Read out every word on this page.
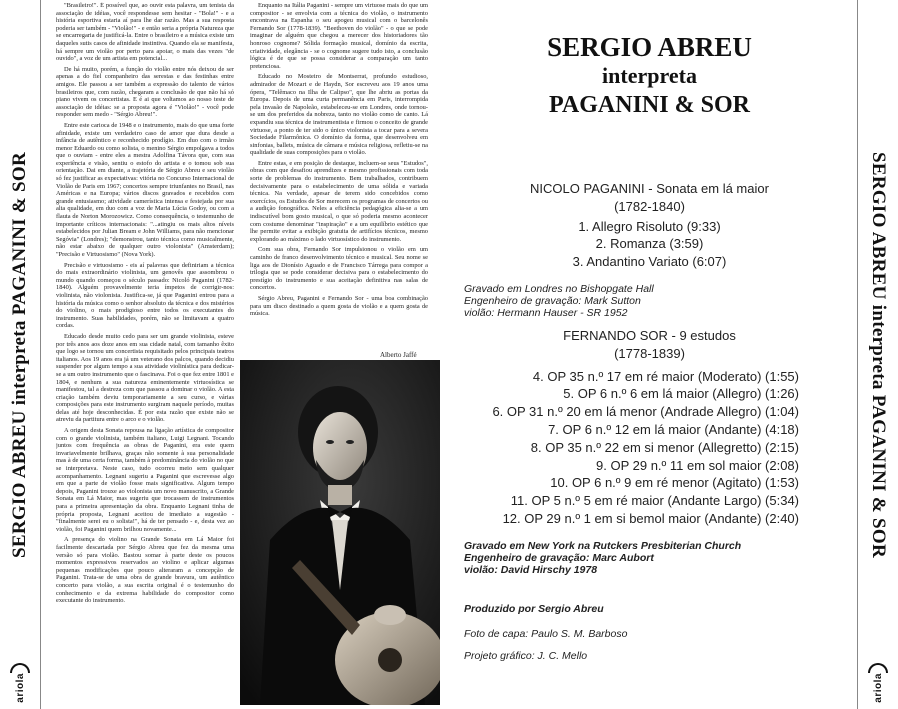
SERGIO ABREU interpreta PAGANINI & SOR
ariola

"Brasileiro!". É possível que, ao ouvir esta palavra, um tenista da associação de idéias, você respondesse sem hesitar - "Bola!" - e a história esportiva estaria aí para lhe dar razão. Mas a sua resposta poderia ser também - "Violão!" - e então seria a própria Natureza que se encarregaria de justificá-la. Entre o brasileiro e a música existe um daqueles sutis casos de afinidade instintiva. Quando ela se manifesta, há sempre um violão por perto para apoiar, o mais das vezes "de ouvido", a voz de um artista em potencial...

De há muito, porém, a função do violão entre nós deixou de ser apenas a do fiel companheiro das serestas e das festinhas entre amigos. Ele passou a ser também a expressão do talento de vários brasileiros que, com razão, chegaram a conclusão de que não há só piano vivem os concertistas. E é ai que voltamos ao nosso teste de associação de idéias: se a proposta agora é "Violão!" - você pode responder sem medo - "Sérgio Abreu!".

Entre este carioca de 1948 e o instrumento, mais do que uma forte afinidade, existe um verdadeiro caso de amor que dura desde a infância de autêntico e reconhecido prodígio. Em duo com o irmão menor Eduardo ou como solista, o menino Sérgio empolgava a todos que o ouviam - entre eles a mestra Adolfina Távora que, com sua experiência e visão, sentiu o estofo do artista e o tomou sob sua orientação. Dai em diante, a trajetória de Sérgio Abreu e seu violão só fez justificar as expectativas: vitória no Concurso Internacional de Violão de Paris em 1967; concertos sempre triunfantes no Brasil, nas Américas e na Europa; vários discos gravados e recebidos com grande entusiasmo; atividade camerística intensa e festejada por sua alta qualidade, em duo com a voz de Maria Lúcia Godoy, ou com a flauta de Norton Morozowicz. Como consequência, o testemunho de importante críticos internacionais: "...atingiu os mais altos níveis estabelecidos por Julian Bream e John Williams, para não mencionar Segóvia" (Londres); "demonstrou, tanto técnica como musicalmente, não estar abaixo de qualquer outro violonista" (Amsterdam); "Precisão e Virtuosismo" (Nova York).

Precisão e virtuosismo - eis aí palavras que definiriam a técnica do mais extraordinário violinista, um genovês que assombrou o mundo quando começou o século passado: Nicoló Paganini (1782-1840). Alguém provavelmente teria ímpetos de corrigir-nos: violinista, não violonista. Justifica-se, já que Paganini entrou para a história da música como o senhor absoluto da técnica e dos mistérios do violino, o mais prodigioso entre todos os executantes do instrumento. Suas habilidades, porém, não se limitavam a quatro cordas.

Educado desde muito cedo para ser um grande violinista, esteve por três anos aos doze anos em sua cidade natal, com tamanho êxito que logo se tornou um concertista requisitado pelos principais teatros italianos. Aos 19 anos era já um veterano dos palcos, quando decidiu suspender por algum tempo a sua atividade violinística para dedicar-se a um outro instrumento que o fascinava. Foi o que fez entre 1801 e 1804, e nenhum a sua natureza eminentemente virtuosística se manifestou, tal a destreza com que passou a dominar o violão. A esta criação também deviu temporariamente a seu curso, e várias composições para este instrumento surgiram naquele período, muitas delas até hoje desconhecidas. É por esta razão que existe não se atreviu da partitura entre o arco e o violão.

A origem desta Sonata repousa na ligação artística de compositor com o grande violinista, também italiano, Luigi Legnani. Tocando juntos com frequência as obras de Paganini, era este quem invariavelmente brilhava, graças não somente à sua personalidade mas à de uma certa forma, também à predominância do violão no que se interpretava. Neste caso, tudo ocorreu meio sem qualquer acompanhamento. Legnani sugeriu a Paganini que escrevesse algo em que a parte de violão fosse mais significativa. Algum tempo depois, Paganini trouxe ao violonista um novo manuscrito, a Grande Sonata em Lá Maior, mas sugeriu que trocassem de instrumentos para a primeira apresentação da obra. Enquanto Legnani tinha de própria proposta, Legnani aceitou de imediato a sugestão - "finalmente serei eu o solista!", há de ter pensado - e, desta vez ao violão, foi Paganini quem brilhou novamente...

A presença do violino na Grande Sonata em Lá Maior foi facilmente descartada por Sérgio Abreu que fez da mesma uma versão só para violão. Bastou somar à parte deste os poucos momentos expressivos reservados ao violino e aplicar algumas pequenas modificações que pouco alteraram a concepção de Paganini. Trata-se de uma obra de grande bravura, um autêntico concerto para violão, a sua escrita original é o testemunho do conhecimento e da extrema habilidade do compositor como executante do instrumento.

Enquanto na Itália Paganini - sempre um virtuose mais do que um compositor - se envolvia com a técnica do violão, o instrumento encontrava na Espanha o seu apogeu musical com o barcelonês Fernando Sor (1778-1839). "Beethoven do violão" - o que se pode imaginar de alguém que chegou a merecer dos historiadores tão honroso cognome? Sólida formação musical, domínio da escrita, criatividade, elegância - se o cognome sugere tudo isto, a conclusão lógica é de que se possa considerar a comparação um tanto pretenciosa.

Educado no Mosteiro de Montserrat, profundo estudioso, admirador de Mozart e de Haydn, Sor escreveu aos 19 anos uma ópera, "Telêmaco na Ilha de Calipso", que lhe abriu as portas da Europa. Depois de uma curta permanência em Paris, interrompida pela invasão de Napoleão, estabeleceu-se em Londres, onde tornou-se um dos preferidos da nobreza, tanto no violão como de canto. Lá expandiu sua técnica de instrumentista e firmou o conceito de grande virtuose, a ponto de ter sido o único violonista a tocar para a severa Sociedade Filarmônica. O domínio da forma, que desenvolveu em sinfonias, ballets, música de câmara e música religiosa, refletiu-se na qualidade de suas composições para o violão.

Entre estas, e em posição de destaque, incluem-se seus "Estudos", obras com que desafiou aprendizes e mesmo profissionais com toda sorte de problemas do instrumento. Bem trabalhados, contribuem decisivamente para o estabelecimento de uma sólida e variada técnica. Na verdade, apesar de terem sido concebidos como exercícios, os Estudos de Sor merecem os programas de concertos ou a audição fonográfica. Neles a eficiência pedagógica alia-se a um indiscutível bom gosto musical, o que só poderia mesmo acontecer com costume denominar "inspiração" e a um equilíbrio estético que lhe permite evitar a exibição gratuita de artifícios técnicos, mesmo explorando ao máximo o lado virtuosístico do instrumento.

Com sua obra, Fernando Sor impulsionou o violão em um caminho de franco desenvolvimento técnico e musical. Seu nome se liga aos de Dionísio Aguado e de Francisco Tárrega para compor a trilogia que se pode considerar decisiva para o estabelecimento do prestígio do instrumento e sua aceitação definitiva nas salas de concertos.

Sérgio Abreu, Paganini e Fernando Sor - uma boa combinação para um disco destinado a quem gosta de violão e a quem gosta de música.

Alberto Jaffé
SERGIO ABREU
interpreta
PAGANINI & SOR
NICOLO PAGANINI - Sonata em lá maior
(1782-1840)
1. Allegro Risoluto (9:33)
2. Romanza (3:59)
3. Andantino Variato (6:07)
Gravado em Londres no Bishopgate Hall
Engenheiro de gravação: Mark Sutton
violão: Hermann Hauser - SR 1952
FERNANDO SOR - 9 estudos
(1778-1839)
4. OP 35 n.º 17 em ré maior (Moderato) (1:55)
5. OP 6 n.º 6 em lá maior (Allegro) (1:26)
6. OP 31 n.º 20 em lá menor (Andrade Allegro) (1:04)
7. OP 6 n.º 12 em lá maior (Andante) (4:18)
8. OP 35 n.º 22 em si menor (Allegretto) (2:15)
9. OP 29 n.º 11 em sol maior (2:08)
10. OP 6 n.º 9 em ré menor (Agitato) (1:53)
11. OP 5 n.º 5 em ré maior (Andante Largo) (5:34)
12. OP 29 n.º 1 em si bemol maior (Andante) (2:40)
Gravado em New York na Rutckers Presbiterian Church
Engenheiro de gravação: Marc Aubort
violão: David Hirschy 1978
Produzido por Sergio Abreu
Foto de capa: Paulo S. M. Barboso
Projeto gráfico: J. C. Mello
SERGIO ABREU interpreta PAGANINI & SOR
ariola
